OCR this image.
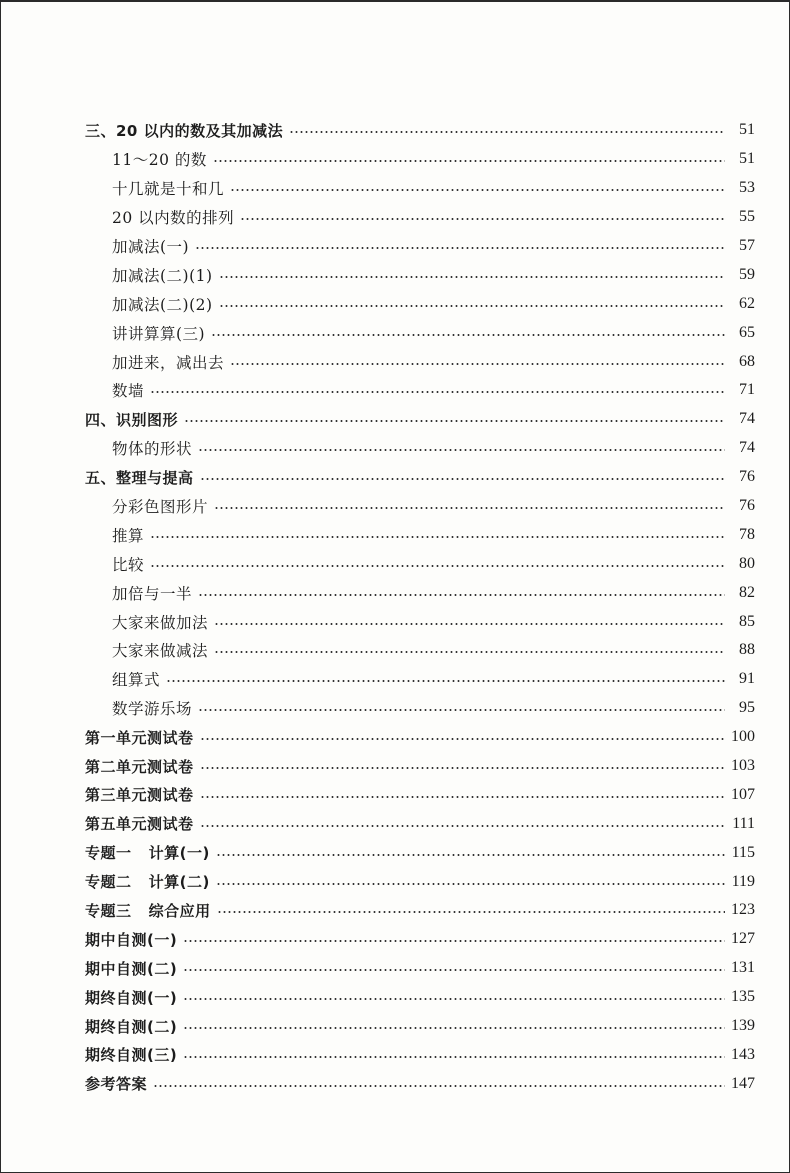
三、20 以内的数及其加减法	51
11～20 的数	51
十几就是十和几	53
20 以内数的排列	55
加减法(一)	57
加减法(二)(1)	59
加减法(二)(2)	62
讲讲算算(三)	65
加进来，减出去	68
数墙	71
四、识别图形	74
物体的形状	74
五、整理与提高	76
分彩色图形片	76
推算	78
比较	80
加倍与一半	82
大家来做加法	85
大家来做减法	88
组算式	91
数学游乐场	95
第一单元测试卷	100
第二单元测试卷	103
第三单元测试卷	107
第五单元测试卷	111
专题一   计算(一)	115
专题二   计算(二)	119
专题三   综合应用	123
期中自测(一)	127
期中自测(二)	131
期终自测(一)	135
期终自测(二)	139
期终自测(三)	143
参考答案	147
